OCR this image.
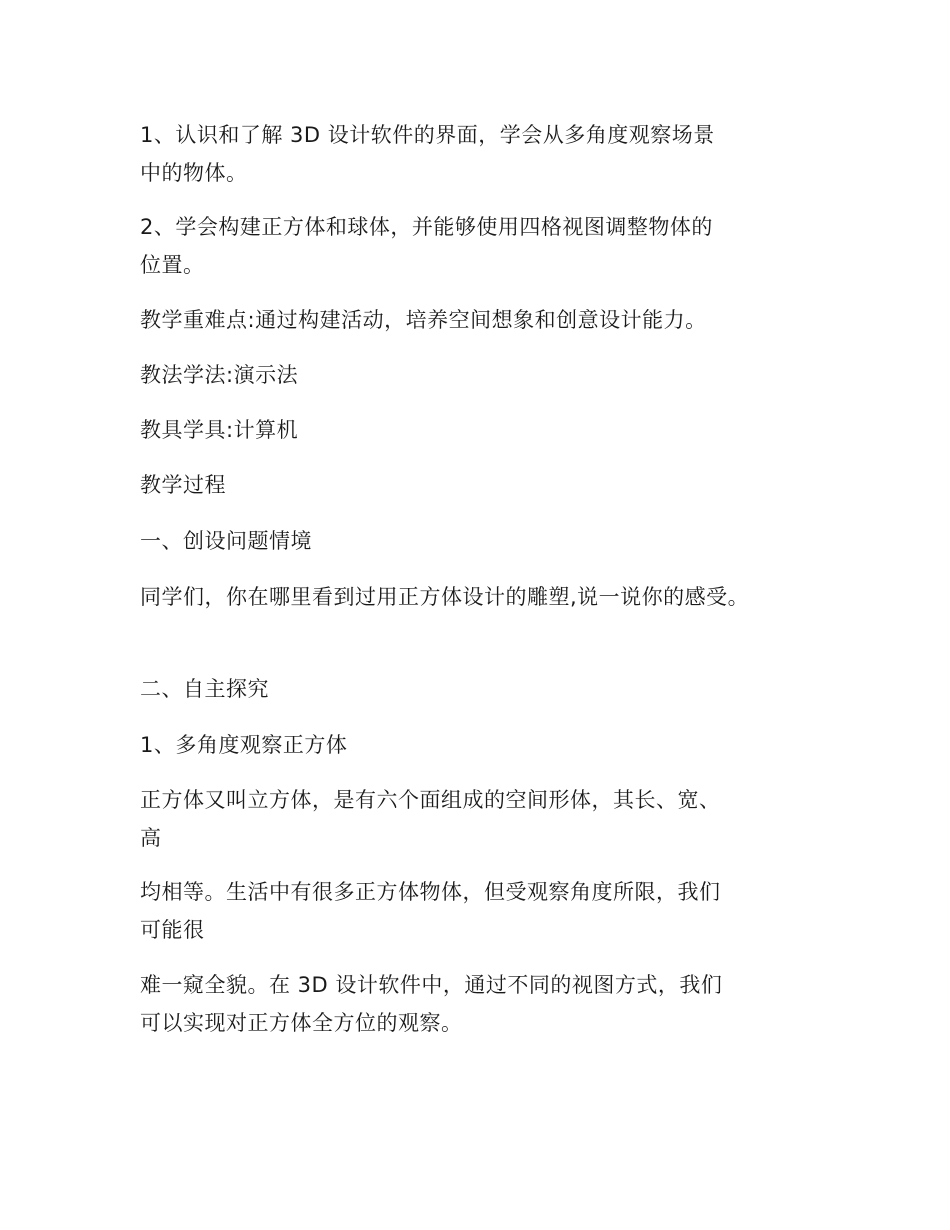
1、认识和了解 3D 设计软件的界面，学会从多角度观察场景
中的物体。
2、学会构建正方体和球体，并能够使用四格视图调整物体的
位置。
教学重难点:通过构建活动，培养空间想象和创意设计能力。
教法学法:演示法
教具学具:计算机
教学过程
一、创设问题情境
同学们，你在哪里看到过用正方体设计的雕塑,说一说你的感受。
二、自主探究
1、多角度观察正方体
正方体又叫立方体，是有六个面组成的空间形体，其长、宽、
高
均相等。生活中有很多正方体物体，但受观察角度所限，我们
可能很
难一窥全貌。在 3D 设计软件中，通过不同的视图方式，我们
可以实现对正方体全方位的观察。
